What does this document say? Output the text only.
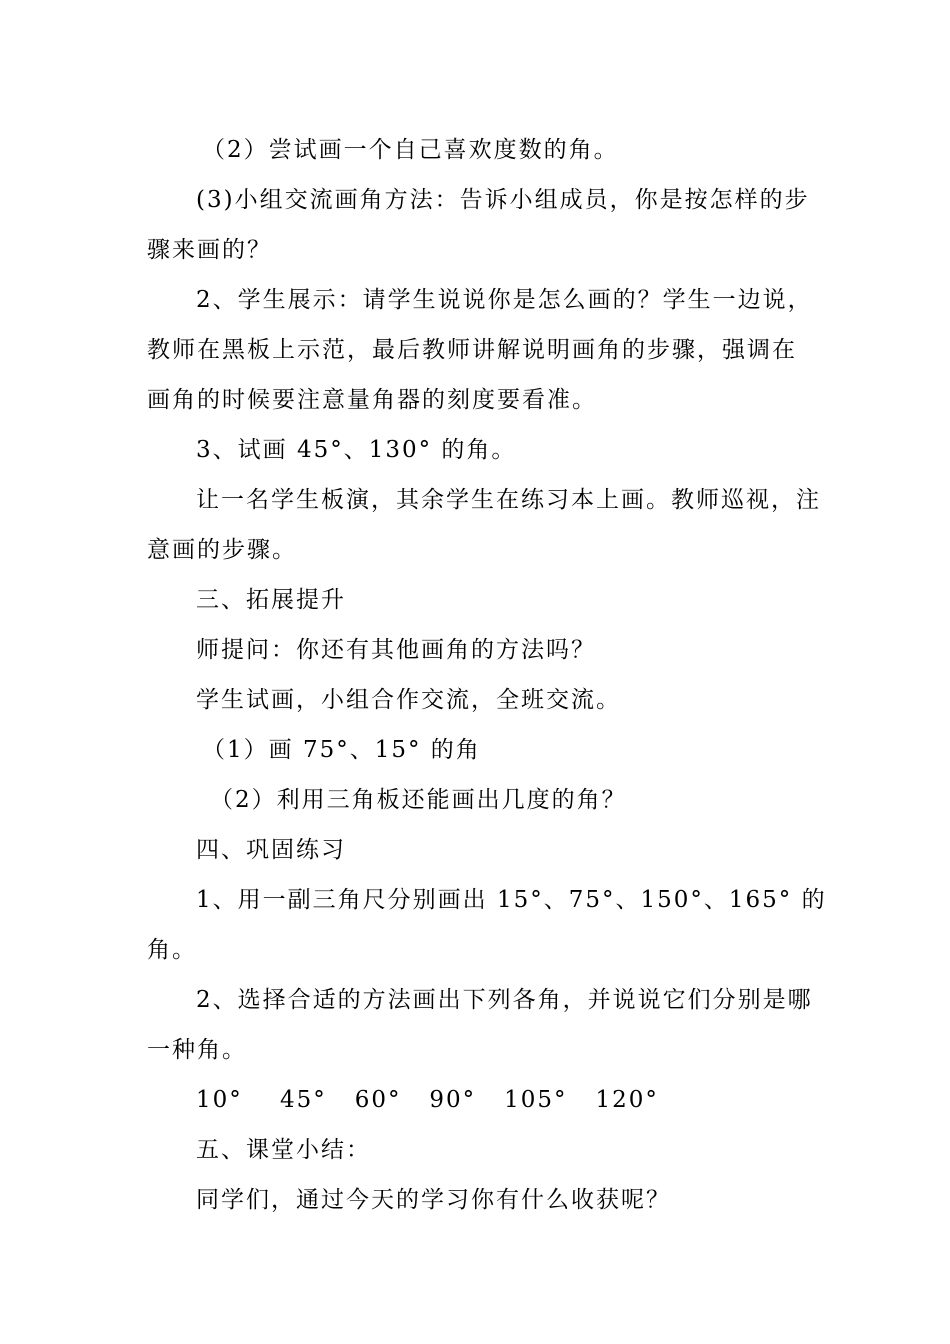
（2）尝试画一个自己喜欢度数的角。
(3)小组交流画角方法：告诉小组成员，你是按怎样的步
骤来画的？
2、学生展示：请学生说说你是怎么画的？学生一边说，
教师在黑板上示范，最后教师讲解说明画角的步骤，强调在
画角的时候要注意量角器的刻度要看准。
3、试画 45°、130° 的角。
让一名学生板演，其余学生在练习本上画。教师巡视，注
意画的步骤。
三、拓展提升
师提问：你还有其他画角的方法吗？
学生试画，小组合作交流，全班交流。
（1）画 75°、15° 的角
（2）利用三角板还能画出几度的角？
四、巩固练习
1、用一副三角尺分别画出 15°、75°、150°、165° 的
角。
2、选择合适的方法画出下列各角，并说说它们分别是哪
一种角。
10°    45°   60°   90°   105°   120°
五、课堂小结：
同学们，通过今天的学习你有什么收获呢？
